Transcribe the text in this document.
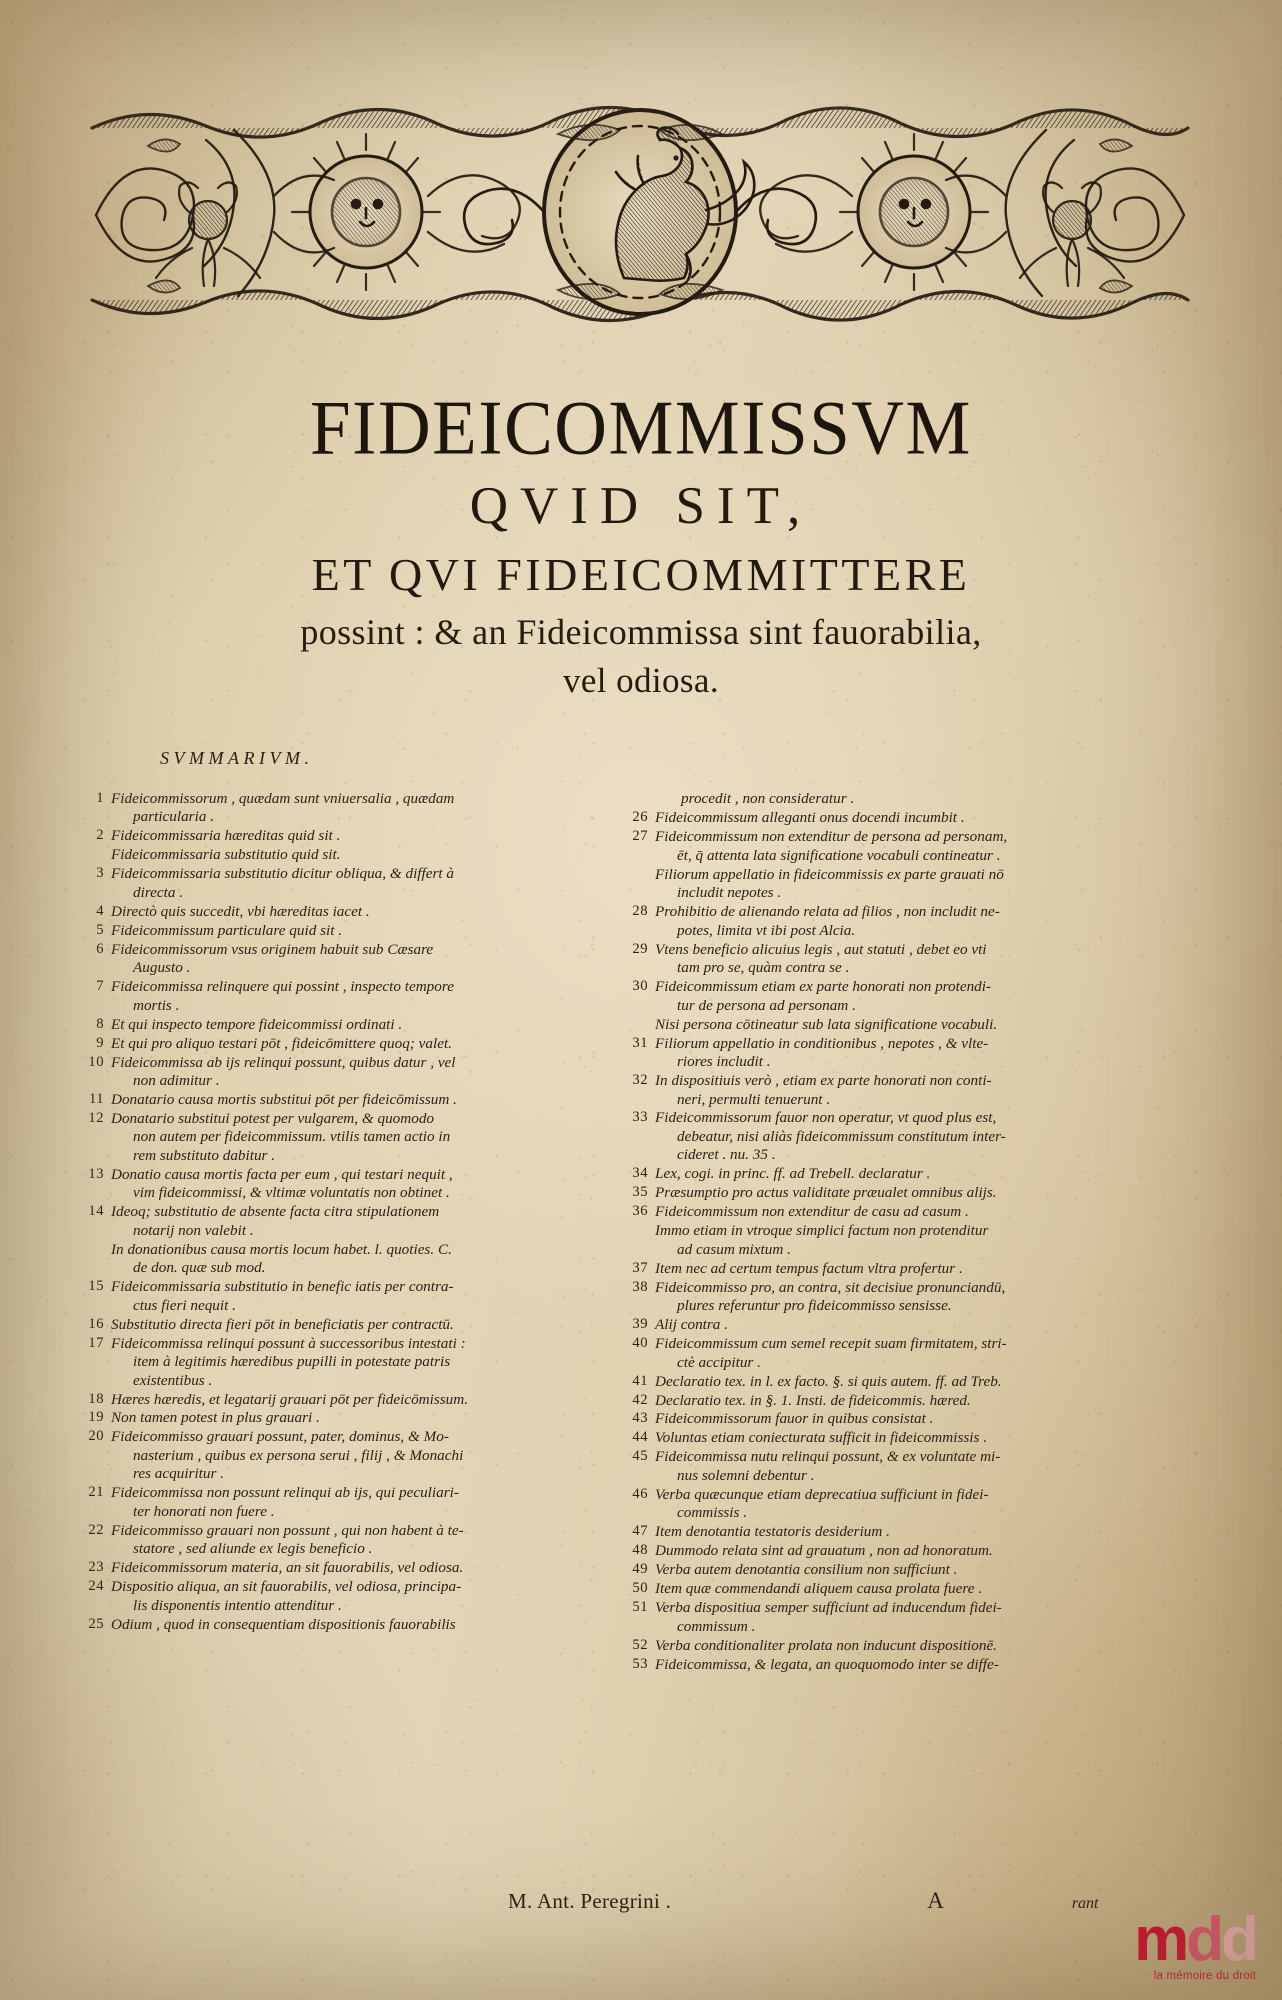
FIDEICOMMISSVM
QVID SIT,
ET QVI FIDEICOMMITTERE
possint : & an Fideicommissa sint fauorabilia,
vel odiosa.
SVMMARIVM.
1 Fideicommissorum , quædam sunt vniuersalia , quædam
particularia .
2 Fideicommissaria hæreditas quid sit .
Fideicommissaria substitutio quid sit.
3 Fideicommissaria substitutio dicitur obliqua, & differt à
directa .
4 Directò quis succedit, vbi hæreditas iacet .
5 Fideicommissum particulare quid sit .
6 Fideicommissorum vsus originem habuit sub Cæsare
Augusto .
7 Fideicommissa relinquere qui possint , inspecto tempore
mortis .
8 Et qui inspecto tempore fideicommissi ordinati .
9 Et qui pro aliquo testari pōt , fideicōmittere quoq; valet.
10 Fideicommissa ab ijs relinqui possunt, quibus datur , vel
non adimitur .
11 Donatario causa mortis substitui pōt per fideicōmissum .
12 Donatario substitui potest per vulgarem, & quomodo
non autem per fideicommissum. vtilis tamen actio in
rem substituto dabitur .
13 Donatio causa mortis facta per eum , qui testari nequit ,
vim fideicommissi, & vltimæ voluntatis non obtinet .
14 Ideoq; substitutio de absente facta citra stipulationem
notarij non valebit .
In donationibus causa mortis locum habet. l. quoties. C.
de don. quæ sub mod.
15 Fideicommissaria substitutio in benefic iatis per contra-
ctus fieri nequit .
16 Substitutio directa fieri pōt in beneficiatis per contractū.
17 Fideicommissa relinqui possunt à successoribus intestati :
item à legitimis hæredibus pupilli in potestate patris
existentibus .
18 Hæres hæredis, et legatarij grauari pōt per fideicōmissum.
19 Non tamen potest in plus grauari .
20 Fideicommisso grauari possunt, pater, dominus, & Mo-
nasterium , quibus ex persona serui , filij , & Monachi
res acquiritur .
21 Fideicommissa non possunt relinqui ab ijs, qui peculiari-
ter honorati non fuere .
22 Fideicommisso grauari non possunt , qui non habent à te-
statore , sed aliunde ex legis beneficio .
23 Fideicommissorum materia, an sit fauorabilis, vel odiosa.
24 Dispositio aliqua, an sit fauorabilis, vel odiosa, principa-
lis disponentis intentio attenditur .
25 Odium , quod in consequentiam dispositionis fauorabilis
procedit , non consideratur .
26 Fideicommissum alleganti onus docendi incumbit .
27 Fideicommissum non extenditur de persona ad personam,
ēt, q̄ attenta lata significatione vocabuli contineatur .
Filiorum appellatio in fideicommissis ex parte grauati nō
includit nepotes .
28 Prohibitio de alienando relata ad filios , non includit ne-
potes, limita vt ibi post Alcia.
29 Vtens beneficio alicuius legis , aut statuti , debet eo vti
tam pro se, quàm contra se .
30 Fideicommissum etiam ex parte honorati non protendi-
tur de persona ad personam .
Nisi persona cōtineatur sub lata significatione vocabuli.
31 Filiorum appellatio in conditionibus , nepotes , & vlte-
riores includit .
32 In dispositiuis verò , etiam ex parte honorati non conti-
neri, permulti tenuerunt .
33 Fideicommissorum fauor non operatur, vt quod plus est,
debeatur, nisi aliàs fideicommissum constitutum inter-
cideret . nu. 35 .
34 Lex, cogi. in princ. ff. ad Trebell. declaratur .
35 Præsumptio pro actus validitate præualet omnibus alijs.
36 Fideicommissum non extenditur de casu ad casum .
Immo etiam in vtroque simplici factum non protenditur
ad casum mixtum .
37 Item nec ad certum tempus factum vltra profertur .
38 Fideicommisso pro, an contra, sit decisiue pronunciandū,
plures referuntur pro fideicommisso sensisse.
39 Alij contra .
40 Fideicommissum cum semel recepit suam firmitatem, stri-
ctè accipitur .
41 Declaratio tex. in l. ex facto. §. si quis autem. ff. ad Treb.
42 Declaratio tex. in §. 1. Insti. de fideicommis. hæred.
43 Fideicommissorum fauor in quibus consistat .
44 Voluntas etiam coniecturata sufficit in fideicommissis .
45 Fideicommissa nutu relinqui possunt, & ex voluntate mi-
nus solemni debentur .
46 Verba quæcunque etiam deprecatiua sufficiunt in fidei-
commissis .
47 Item denotantia testatoris desiderium .
48 Dummodo relata sint ad grauatum , non ad honoratum.
49 Verba autem denotantia consilium non sufficiunt .
50 Item quæ commendandi aliquem causa prolata fuere .
51 Verba dispositiua semper sufficiunt ad inducendum fidei-
commissum .
52 Verba conditionaliter prolata non inducunt dispositionē.
53 Fideicommissa, & legata, an quoquomodo inter se diffe-
M. Ant. Peregrini .	A	rant
mdd
la mémoire du droit
